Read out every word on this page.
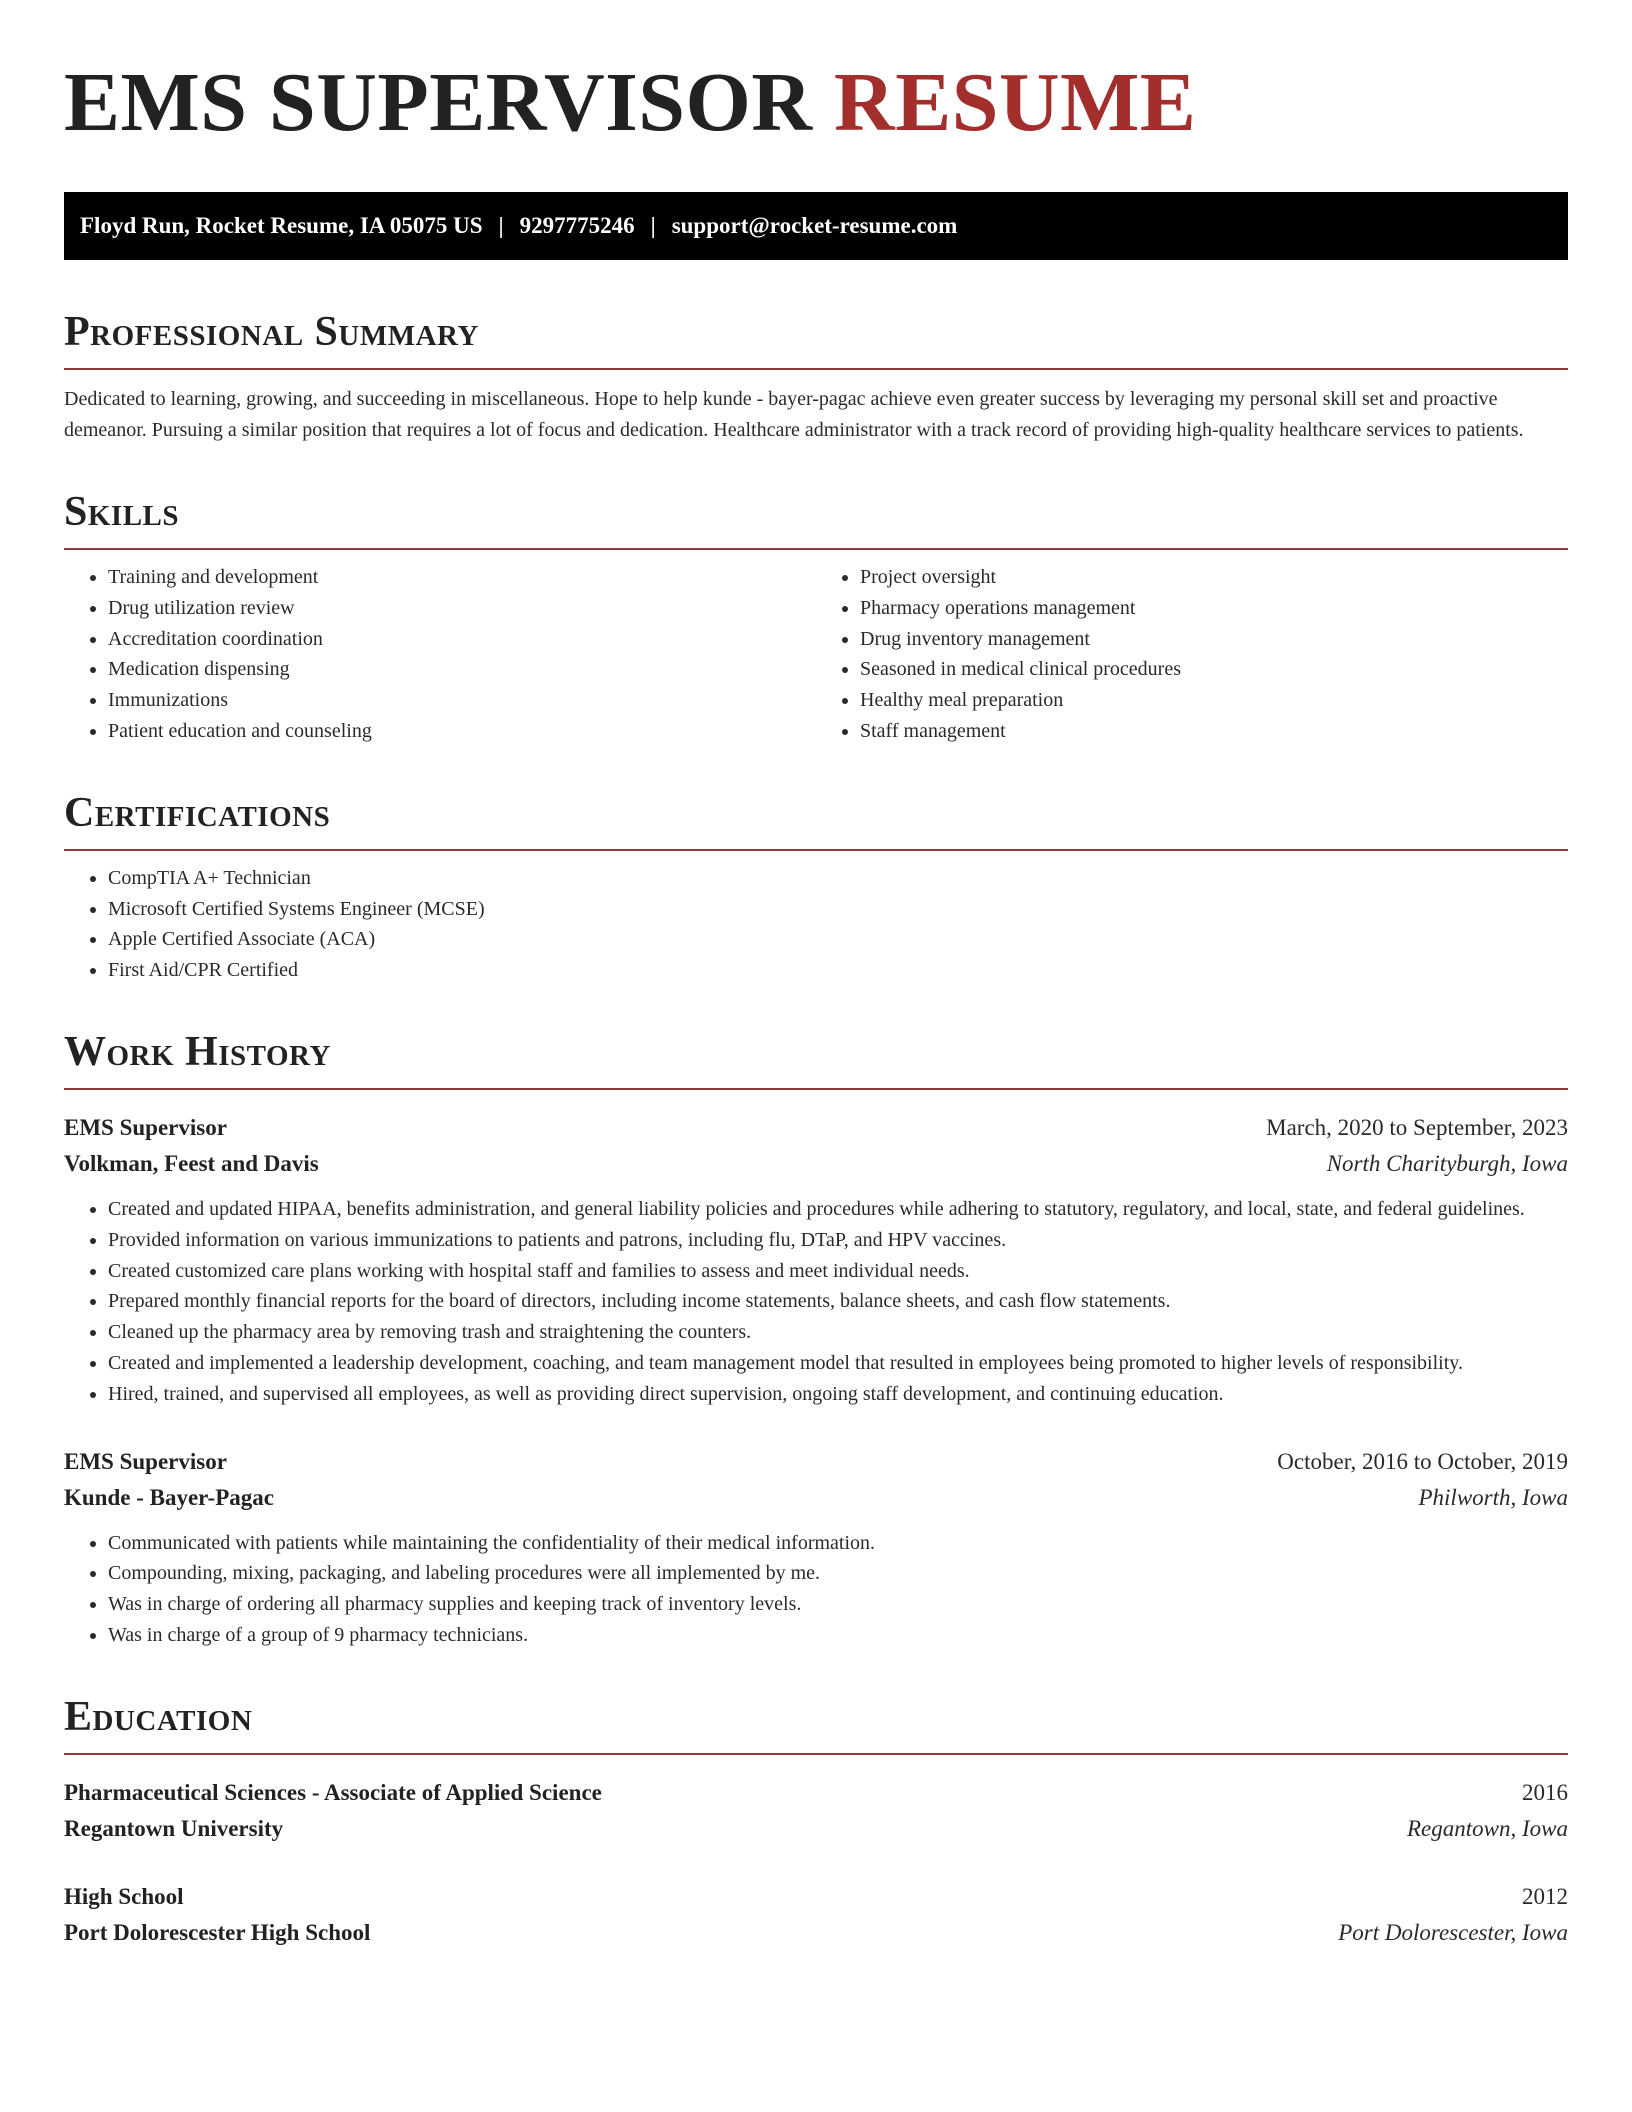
EMS SUPERVISOR RESUME
Floyd Run, Rocket Resume, IA 05075 US | 9297775246 | support@rocket-resume.com
Professional Summary

Dedicated to learning, growing, and succeeding in miscellaneous. Hope to help kunde - bayer-pagac achieve even greater success by leveraging my personal skill set and proactive demeanor. Pursuing a similar position that requires a lot of focus and dedication. Healthcare administrator with a track record of providing high-quality healthcare services to patients.

Skills
• Training and development
• Drug utilization review
• Accreditation coordination
• Medication dispensing
• Immunizations
• Patient education and counseling
• Project oversight
• Pharmacy operations management
• Drug inventory management
• Seasoned in medical clinical procedures
• Healthy meal preparation
• Staff management
Certifications
• CompTIA A+ Technician
• Microsoft Certified Systems Engineer (MCSE)
• Apple Certified Associate (ACA)
• First Aid/CPR Certified
Work History
EMS Supervisor	March, 2020 to September, 2023
Volkman, Feest and Davis	North Charityburgh, Iowa
• Created and updated HIPAA, benefits administration, and general liability policies and procedures while adhering to statutory, regulatory, and local, state, and federal guidelines.
• Provided information on various immunizations to patients and patrons, including flu, DTaP, and HPV vaccines.
• Created customized care plans working with hospital staff and families to assess and meet individual needs.
• Prepared monthly financial reports for the board of directors, including income statements, balance sheets, and cash flow statements.
• Cleaned up the pharmacy area by removing trash and straightening the counters.
• Created and implemented a leadership development, coaching, and team management model that resulted in employees being promoted to higher levels of responsibility.
• Hired, trained, and supervised all employees, as well as providing direct supervision, ongoing staff development, and continuing education.
EMS Supervisor	October, 2016 to October, 2019
Kunde - Bayer-Pagac	Philworth, Iowa
• Communicated with patients while maintaining the confidentiality of their medical information.
• Compounding, mixing, packaging, and labeling procedures were all implemented by me.
• Was in charge of ordering all pharmacy supplies and keeping track of inventory levels.
• Was in charge of a group of 9 pharmacy technicians.
Education
Pharmaceutical Sciences - Associate of Applied Science	2016
Regantown University	Regantown, Iowa
High School	2012
Port Dolorescester High School	Port Dolorescester, Iowa
